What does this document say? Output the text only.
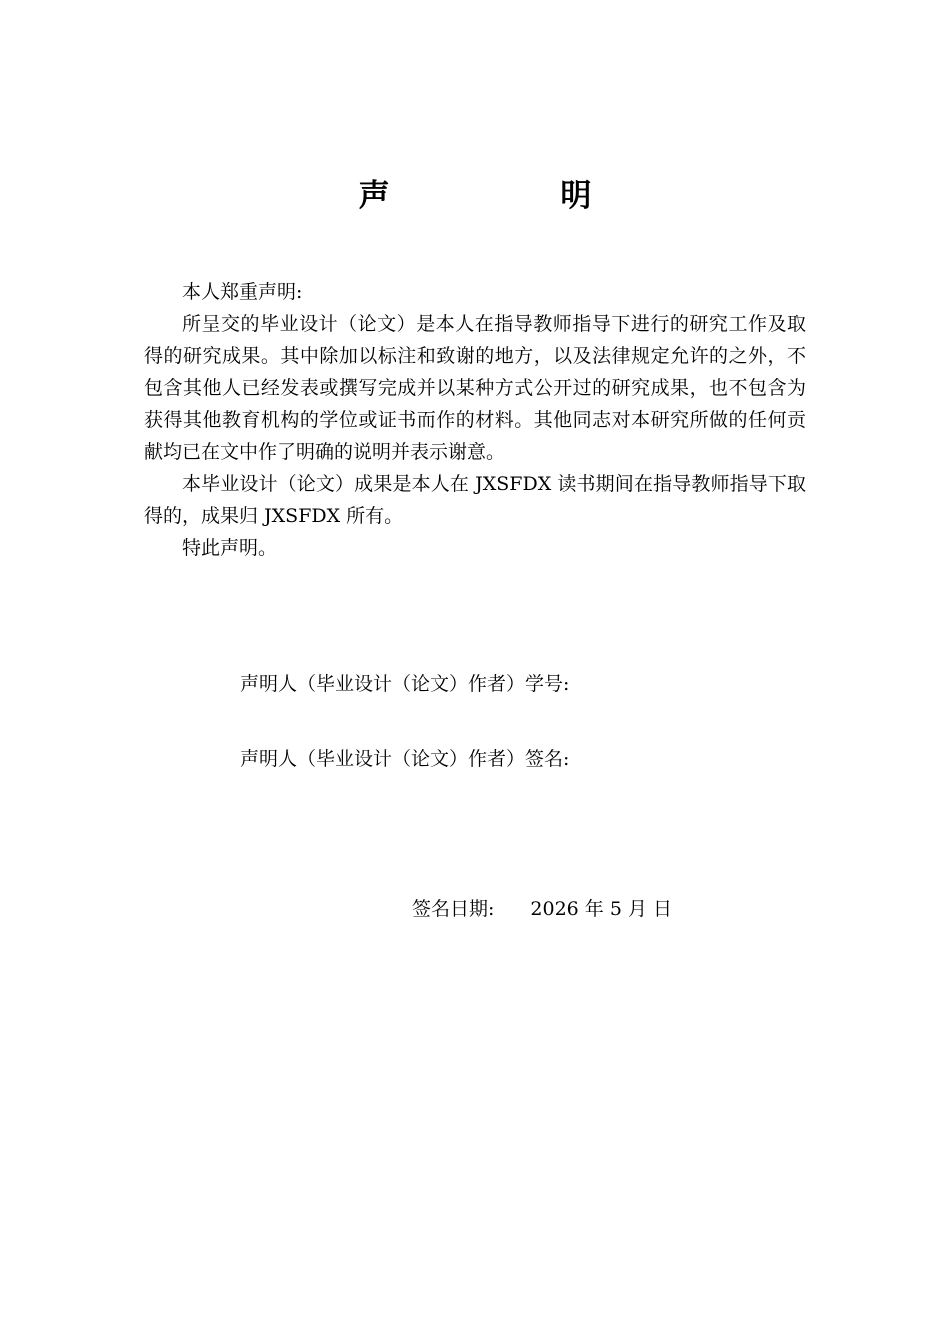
声 明

本人郑重声明:

所呈交的毕业设计（论文）是本人在指导教师指导下进行的研究工作及取得的研究成果。其中除加以标注和致谢的地方，以及法律规定允许的之外，不包含其他人已经发表或撰写完成并以某种方式公开过的研究成果，也不包含为获得其他教育机构的学位或证书而作的材料。其他同志对本研究所做的任何贡献均已在文中作了明确的说明并表示谢意。

本毕业设计（论文）成果是本人在 JXSFDX 读书期间在指导教师指导下取得的，成果归 JXSFDX 所有。

特此声明。

声明人（毕业设计（论文）作者）学号:
声明人（毕业设计（论文）作者）签名:
签名日期: 2026 年 5 月 日
